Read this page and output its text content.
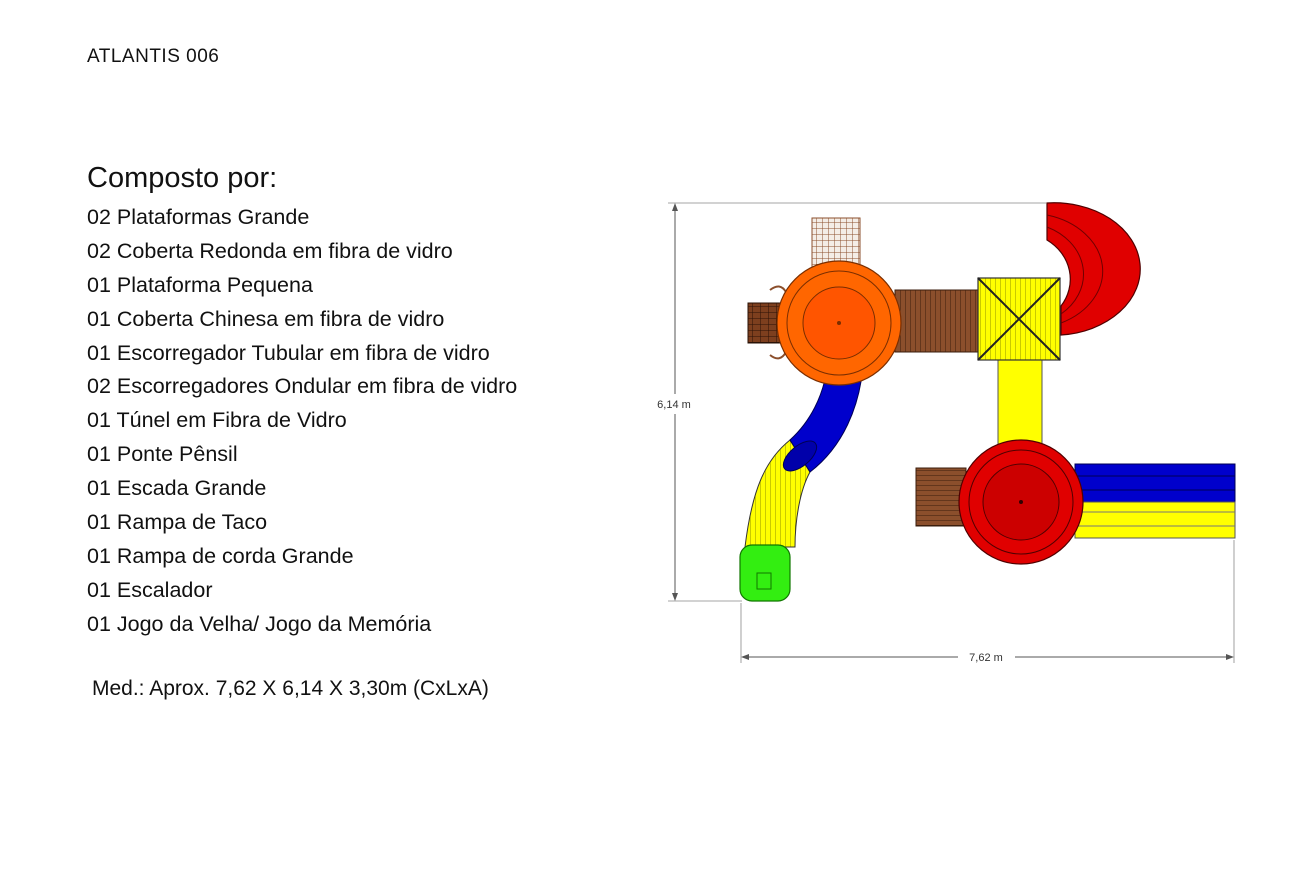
ATLANTIS 006
Composto por:
02 Plataformas Grande
02 Coberta Redonda em fibra de vidro
01 Plataforma Pequena
01 Coberta Chinesa em fibra de vidro
01 Escorregador Tubular em fibra de vidro
02 Escorregadores Ondular em fibra de vidro
01 Túnel em Fibra de Vidro
01 Ponte Pênsil
01 Escada Grande
01 Rampa de Taco
01 Rampa de corda Grande
01 Escalador
01 Jogo da Velha/ Jogo da Memória
Med.: Aprox. 7,62 X 6,14 X 3,30m (CxLxA)
6,14 m
7,62 m
